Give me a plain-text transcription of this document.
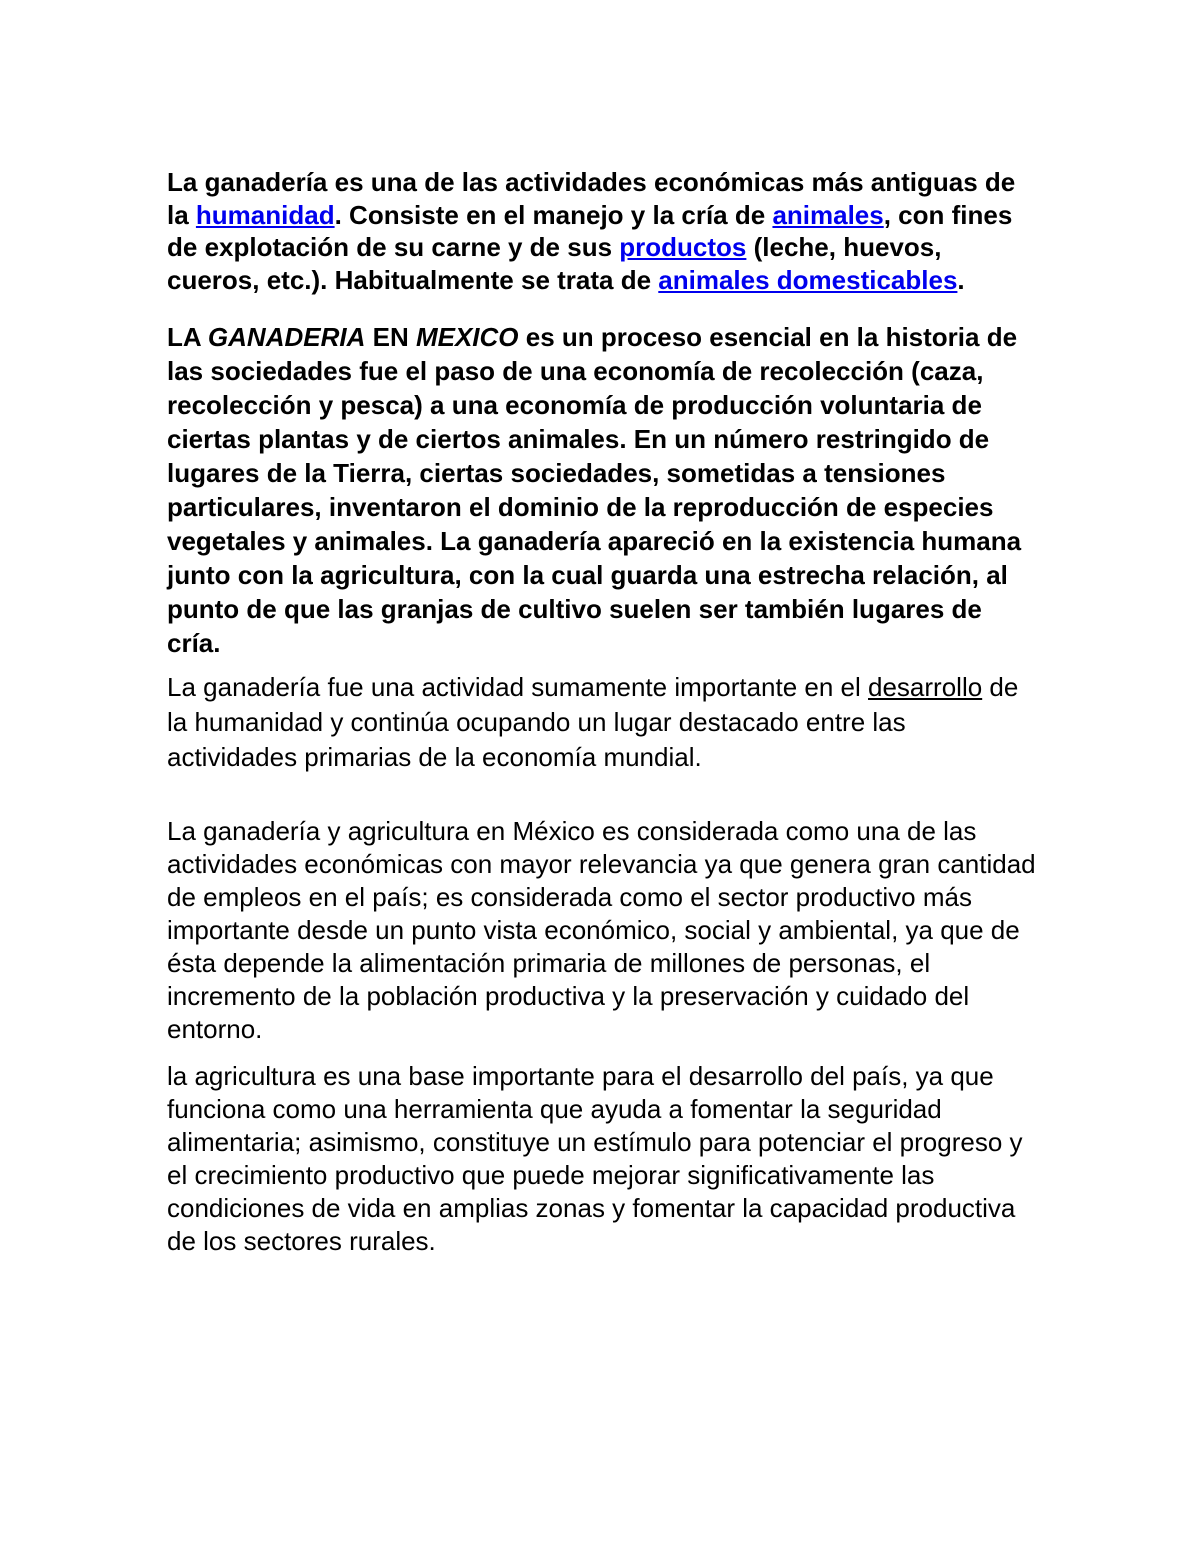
La ganadería es una de las actividades económicas más antiguas de la humanidad. Consiste en el manejo y la cría de animales, con fines de explotación de su carne y de sus productos (leche, huevos, cueros, etc.). Habitualmente se trata de animales domesticables.

LA GANADERIA EN MEXICO es un proceso esencial en la historia de las sociedades fue el paso de una economía de recolección (caza, recolección y pesca) a una economía de producción voluntaria de ciertas plantas y de ciertos animales. En un número restringido de lugares de la Tierra, ciertas sociedades, sometidas a tensiones particulares, inventaron el dominio de la reproducción de especies vegetales y animales. La ganadería apareció en la existencia humana junto con la agricultura, con la cual guarda una estrecha relación, al punto de que las granjas de cultivo suelen ser también lugares de cría.

La ganadería fue una actividad sumamente importante en el desarrollo de la humanidad y continúa ocupando un lugar destacado entre las actividades primarias de la economía mundial.

La ganadería y agricultura en México es considerada como una de las actividades económicas con mayor relevancia ya que genera gran cantidad de empleos en el país; es considerada como el sector productivo más importante desde un punto vista económico, social y ambiental, ya que de ésta depende la alimentación primaria de millones de personas, el incremento de la población productiva y la preservación y cuidado del entorno.

la agricultura es una base importante para el desarrollo del país, ya que funciona como una herramienta que ayuda a fomentar la seguridad alimentaria; asimismo, constituye un estímulo para potenciar el progreso y el crecimiento productivo que puede mejorar significativamente las condiciones de vida en amplias zonas y fomentar la capacidad productiva de los sectores rurales.
